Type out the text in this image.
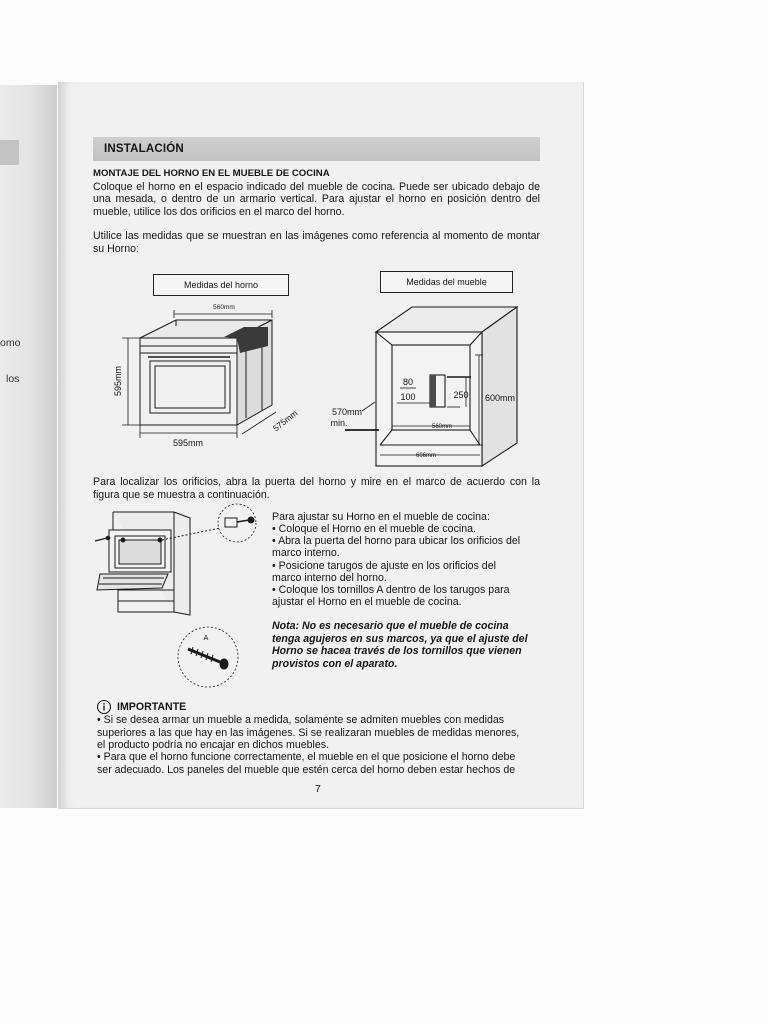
omo
los
INSTALACIÓN
MONTAJE DEL HORNO EN EL MUEBLE DE COCINA
Coloque el horno en el espacio indicado del mueble de cocina. Puede ser ubicado debajo de
una mesada, o dentro de un armario vertical. Para ajustar el horno en posición dentro del
mueble, utilice los dos orificios en el marco del horno.
Utilice las medidas que se muestran en las imágenes como referencia al momento de montar
su Horno:
Medidas del horno	Medidas del mueble
560mm
595mm
595mm
575mm
80
100	250 600mm
570mm
min.	560mm
606mm
Para localizar los orificios, abra la puerta del horno y mire en el marco de acuerdo con la
figura que se muestra a continuación.
A
Para ajustar su Horno en el mueble de cocina:
• Coloque el Horno en el mueble de cocina.
• Abra la puerta del horno para ubicar los orificios del
marco interno.
• Posicione tarugos de ajuste en los orificios del
marco interno del horno.
• Coloque los tornillos A dentro de los tarugos para
ajustar el Horno en el mueble de cocina.
Nota: No es necesario que el mueble de cocina
tenga agujeros en sus marcos, ya que el ajuste del
Horno se hacea través de los tornillos que vienen
provistos con el aparato.
IMPORTANTE
• Si se desea armar un mueble a medida, solamente se admiten muebles con medidas
superiores a las que hay en las imágenes. Si se realizaran muebles de medidas menores,
el producto podría no encajar en dichos muebles.
• Para que el horno funcione correctamente, el mueble en el que posicione el horno debe
ser adecuado. Los paneles del mueble que estén cerca del horno deben estar hechos de
7
